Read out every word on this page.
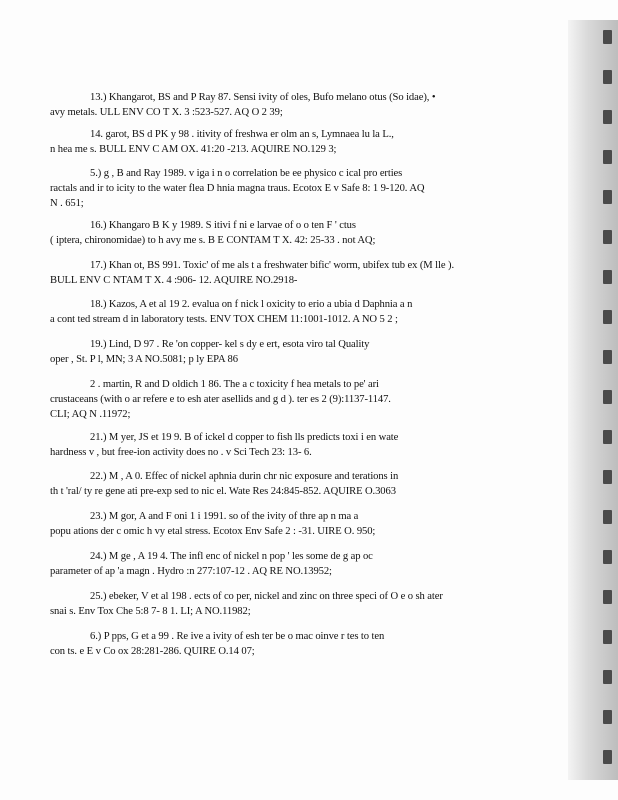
13.) Khangarot, BS and P Ray 87. Sensi ivity of oles, Bufo melano otus (So idae), •
avy metals. ULL ENV CO T X. 3 :523-527. AQ O 2 39;
14. garot, BS d PK y 98 . itivity of freshwa er olm an s, Lymnaea lu la L.,
n hea me s. BULL ENV C AM OX. 41:20 -213. AQUIRE NO.129 3;
5.) g , B and Ray 1989. v iga i n o correlation be ee physico c ical pro erties
ractals and ir to icity to the water flea D hnia magna traus. Ecotox E v Safe 8: 1 9-120. AQ
N . 651;
16.) Khangaro B K y 1989. S itivi f ni e larvae of o o ten F ' ctus
( iptera, chironomidae) to h avy me s. B E CONTAM T X. 42: 25-33 . not AQ;
17.) Khan ot, BS 991. Toxic' of me als t a freshwater bific' worm, ubifex tub ex (M lle ).
BULL ENV C NTAM T X. 4 :906- 12. AQUIRE NO.2918-
18.) Kazos, A et al 19 2. evalua on f nick l oxicity to erio a ubia d Daphnia a n
a cont ted stream d in laboratory tests. ENV TOX CHEM 11:1001-1012. A NO 5 2 ;
19.) Lind, D 97 . Re 'on copper- kel s dy e ert, esota viro tal Quality
oper , St. P l, MN; 3 A NO.5081; p ly EPA 86
2 . martin, R and D oldich 1 86. The a c toxicity f hea metals to pe' ari
crustaceans (with o ar refere e to esh ater asellids and g d ). ter es 2 (9):1137-1147.
CLI; AQ N .11972;
21.) M yer, JS et 19 9. B of ickel d copper to fish lls predicts toxi i en wate
hardness v , but free-ion activity does no . v Sci Tech 23: 13- 6.
22.) M , A 0. Effec of nickel aphnia durin chr nic exposure and terations in
th t 'ral/ ty re gene ati pre-exp sed to nic el. Wate Res 24:845-852. AQUIRE O.3063
23.) M gor, A and F oni 1 i 1991. so of the ivity of thre ap n ma a
popu ations der c omic h vy etal stress. Ecotox Env Safe 2 : -31. UIRE O. 950;
24.) M ge , A 19 4. The infl enc of nickel n pop ' les some de g ap oc
parameter of ap 'a magn . Hydro :n 277:107-12 . AQ RE NO.13952;
25.) ebeker, V et al 198 . ects of co per, nickel and zinc on three speci of O e o sh ater
snai s. Env Tox Che 5:8 7- 8 1. LI; A NO.11982;
6.) P pps, G et a 99 . Re ive a ivity of esh ter be o mac oinve r tes to ten
con ts. e E v Co ox 28:281-286. QUIRE O.14 07;
